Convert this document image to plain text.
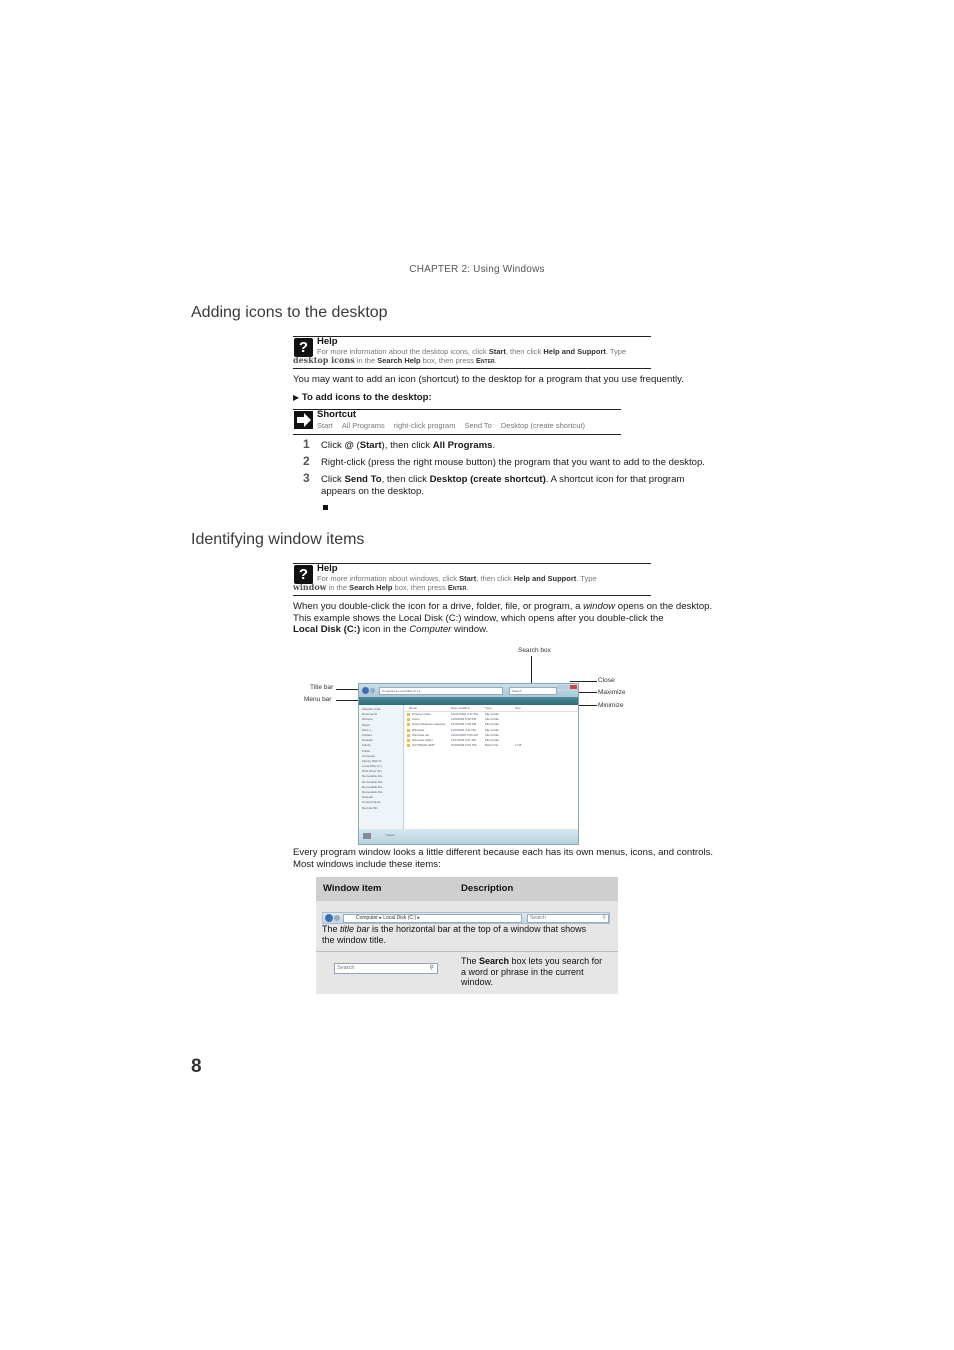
CHAPTER 2: Using Windows
Adding icons to the desktop
? Help
For more information about the desktop icons, click Start, then click Help and Support. Type
desktop icons in the Search Help box, then press Enter.
You may want to add an icon (shortcut) to the desktop for a program that you use frequently.
▶ To add icons to the desktop:
Shortcut
Start All Programs right-click program Send To Desktop (create shortcut)
1 Click @ (Start), then click All Programs.
2 Right-click (press the right mouse button) the program that you want to add to the desktop.
3 Click Send To, then click Desktop (create shortcut). A shortcut icon for that program
appears on the desktop.
Identifying window items
? Help
For more information about windows, click Start, then click Help and Support. Type
window in the Search Help box, then press Enter.
When you double-click the icon for a drive, folder, file, or program, a window opens on the desktop.
This example shows the Local Disk (C:) window, which opens after you double-click the
Local Disk (C:) icon in the Computer window.
Search box
Close
Maximize
Minimize
Title bar
Menu bar
Computer ▸ Local Disk (C:) ▸	Search
Favorite Links
Documents
Pictures
Music
More »
Folders
Desktop
Family
Public
Computer
Floppy Disk Dr
Local Disk (C:)
DVD Drive (D:)
Removable Dis
Removable Dis
Removable Dis
Removable Dis
Network
Control Panel
Recycle Bin
Name	Date modified	Type	Size
Program Files	10/31/2006 2:47 AM File Folder
Users	11/6/2006 5:42 PM	File Folder
Using Windows Gateway 11/3/2006 1:08 PM	File Folder
Windows	11/6/2006 4:11 PM	File Folder
Windows.old	10/31/2006 3:00 AM File Folder
Windows.old(1)	11/1/2006 2:51 AM	File Folder
AUTOEXEC.BAT	9/18/2006 6:56 PM	Batch File	1 KB
7 items
Every program window looks a little different because each has its own menus, icons, and controls.
Most windows include these items:
Window item	Description
Computer ▸ Local Disk (C:) ▸	Search	⚲
The title bar is the horizontal bar at the top of a window that shows
the window title.
Search	⚲
The Search box lets you search for
a word or phrase in the current
window.
8
